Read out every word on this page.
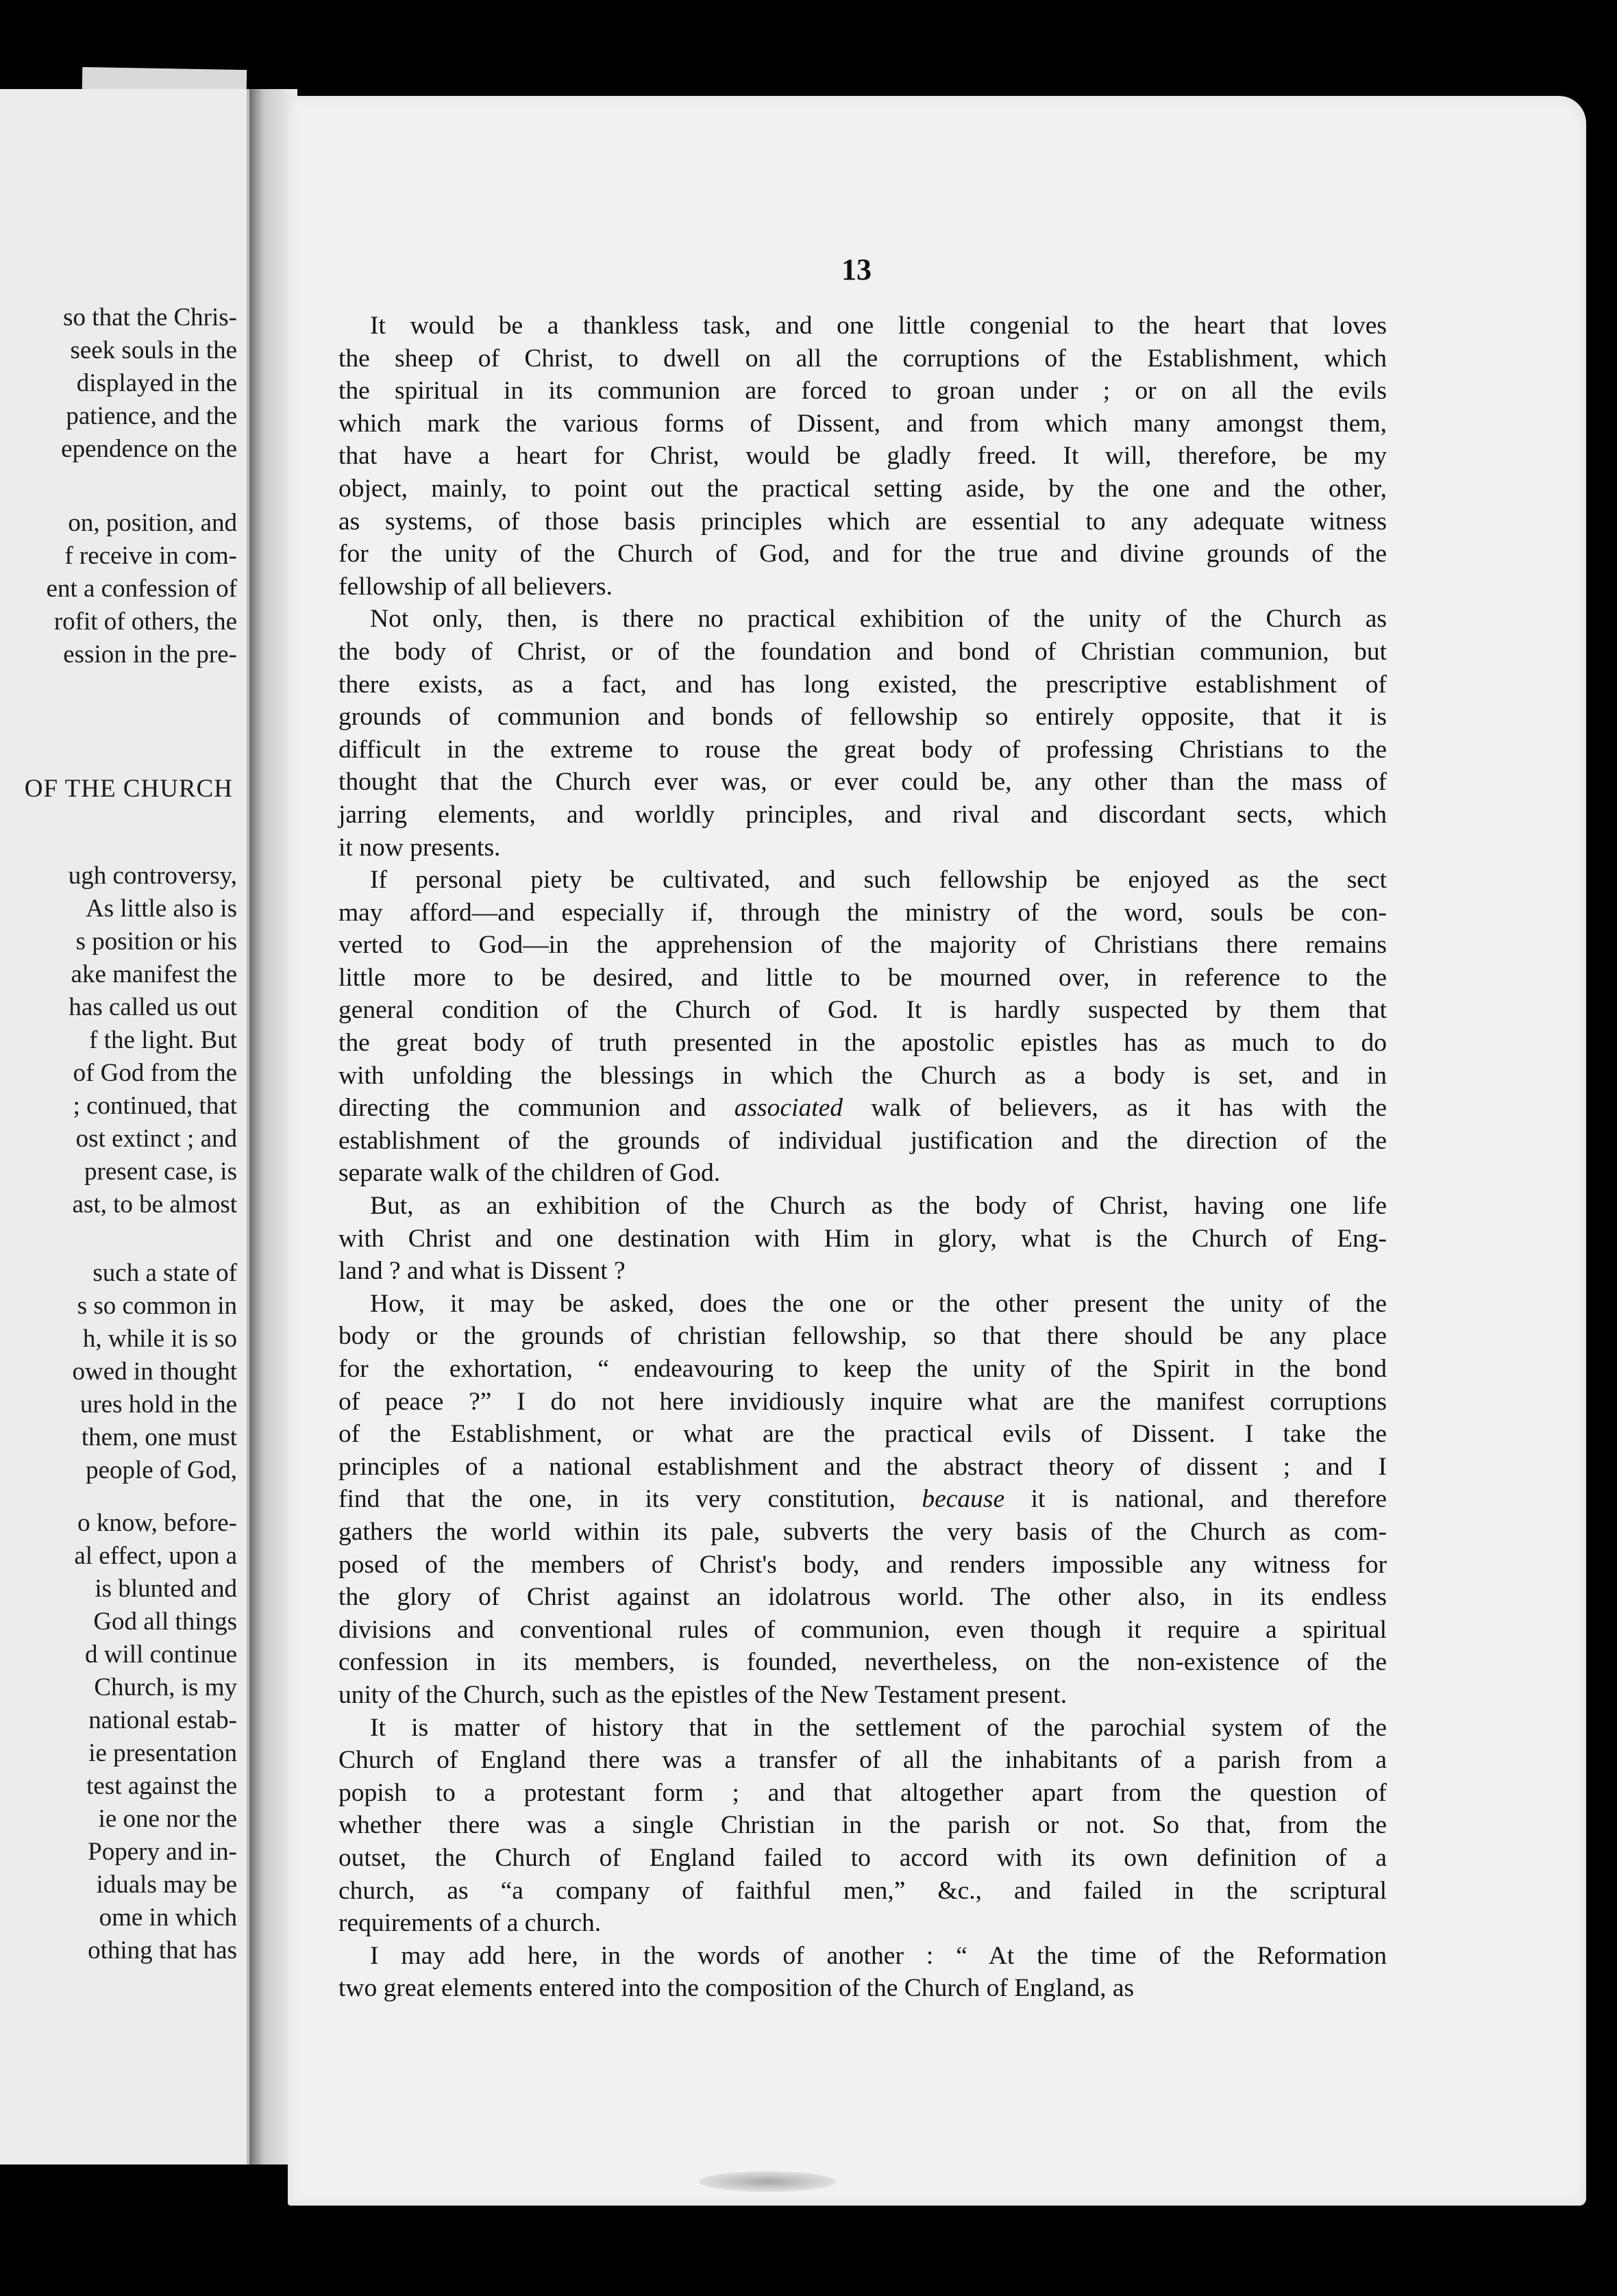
so that the Chris-
seek souls in the
displayed in the
patience, and the
ependence on the
on, position, and
f receive in com-
ent a confession of
rofit of others, the
ession in the pre-
OF THE CHURCH
ugh controversy,
As little also is
s position or his
ake manifest the
has called us out
f the light. But
of God from the
; continued, that
ost extinct ; and
present case, is
ast, to be almost
such a state of
s so common in
h, while it is so
owed in thought
ures hold in the
them, one must
people of God,
o know, before-
al effect, upon a
is blunted and
God all things
d will continue
Church, is my
national estab-
ie presentation
test against the
ie one nor the
Popery and in-
iduals may be
ome in which
othing that has
13

It would be a thankless task, and one little congenial to the heart that loves
the sheep of Christ, to dwell on all the corruptions of the Establishment, which
the spiritual in its communion are forced to groan under ; or on all the evils
which mark the various forms of Dissent, and from which many amongst them,
that have a heart for Christ, would be gladly freed. It will, therefore, be my
object, mainly, to point out the practical setting aside, by the one and the other,
as systems, of those basis principles which are essential to any adequate witness
for the unity of the Church of God, and for the true and divine grounds of the
fellowship of all believers.

Not only, then, is there no practical exhibition of the unity of the Church as
the body of Christ, or of the foundation and bond of Christian communion, but
there exists, as a fact, and has long existed, the prescriptive establishment of
grounds of communion and bonds of fellowship so entirely opposite, that it is
difficult in the extreme to rouse the great body of professing Christians to the
thought that the Church ever was, or ever could be, any other than the mass of
jarring elements, and worldly principles, and rival and discordant sects, which
it now presents.

If personal piety be cultivated, and such fellowship be enjoyed as the sect
may afford—and especially if, through the ministry of the word, souls be con-
verted to God—in the apprehension of the majority of Christians there remains
little more to be desired, and little to be mourned over, in reference to the
general condition of the Church of God. It is hardly suspected by them that
the great body of truth presented in the apostolic epistles has as much to do
with unfolding the blessings in which the Church as a body is set, and in
directing the communion and associated walk of believers, as it has with the
establishment of the grounds of individual justification and the direction of the
separate walk of the children of God.

But, as an exhibition of the Church as the body of Christ, having one life
with Christ and one destination with Him in glory, what is the Church of Eng-
land ? and what is Dissent ?

How, it may be asked, does the one or the other present the unity of the
body or the grounds of christian fellowship, so that there should be any place
for the exhortation, “ endeavouring to keep the unity of the Spirit in the bond
of peace ?” I do not here invidiously inquire what are the manifest corruptions
of the Establishment, or what are the practical evils of Dissent. I take the
principles of a national establishment and the abstract theory of dissent ; and I
find that the one, in its very constitution, because it is national, and therefore
gathers the world within its pale, subverts the very basis of the Church as com-
posed of the members of Christ's body, and renders impossible any witness for
the glory of Christ against an idolatrous world. The other also, in its endless
divisions and conventional rules of communion, even though it require a spiritual
confession in its members, is founded, nevertheless, on the non-existence of the
unity of the Church, such as the epistles of the New Testament present.

It is matter of history that in the settlement of the parochial system of the
Church of England there was a transfer of all the inhabitants of a parish from a
popish to a protestant form ; and that altogether apart from the question of
whether there was a single Christian in the parish or not. So that, from the
outset, the Church of England failed to accord with its own definition of a
church, as “a company of faithful men,” &c., and failed in the scriptural
requirements of a church.

I may add here, in the words of another : “ At the time of the Reformation
two great elements entered into the composition of the Church of England, as
